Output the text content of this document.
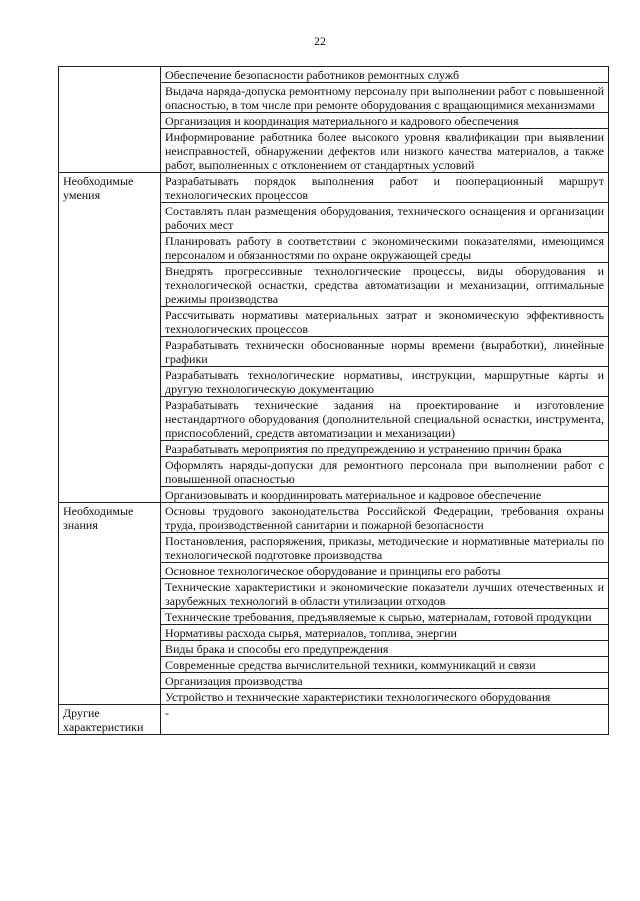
22
	Обеспечение безопасности работников ремонтных служб
	Выдача наряда-допуска ремонтному персоналу при выполнении работ с повышенной опасностью, в том числе при ремонте оборудования с вращающимися механизмами
	Организация и координация материального и кадрового обеспечения
	Информирование работника более высокого уровня квалификации при выявлении неисправностей, обнаружении дефектов или низкого качества материалов, а также работ, выполненных с отклонением от стандартных условий

Необходимые умения	Разрабатывать порядок выполнения работ и пооперационный маршрут технологических процессов
	Составлять план размещения оборудования, технического оснащения и организации рабочих мест
	Планировать работу в соответствии с экономическими показателями, имеющимся персоналом и обязанностями по охране окружающей среды
	Внедрять прогрессивные технологические процессы, виды оборудования и технологической оснастки, средства автоматизации и механизации, оптимальные режимы производства
	Рассчитывать нормативы материальных затрат и экономическую эффективность технологических процессов
	Разрабатывать технически обоснованные нормы времени (выработки), линейные графики
	Разрабатывать технологические нормативы, инструкции, маршрутные карты и другую технологическую документацию
	Разрабатывать технические задания на проектирование и изготовление нестандартного оборудования (дополнительной специальной оснастки, инструмента, приспособлений, средств автоматизации и механизации)
	Разрабатывать мероприятия по предупреждению и устранению причин брака
	Оформлять наряды-допуски для ремонтного персонала при выполнении работ с повышенной опасностью
	Организовывать и координировать материальное и кадровое обеспечение

Необходимые знания	Основы трудового законодательства Российской Федерации, требования охраны труда, производственной санитарии и пожарной безопасности
	Постановления, распоряжения, приказы, методические и нормативные материалы по технологической подготовке производства
	Основное технологическое оборудование и принципы его работы
	Технические характеристики и экономические показатели лучших отечественных и зарубежных технологий в области утилизации отходов
	Технические требования, предъявляемые к сырью, материалам, готовой продукции
	Нормативы расхода сырья, материалов, топлива, энергии
	Виды брака и способы его предупреждения
	Современные средства вычислительной техники, коммуникаций и связи
	Организация производства
	Устройство и технические характеристики технологического оборудования

Другие характеристики	-
